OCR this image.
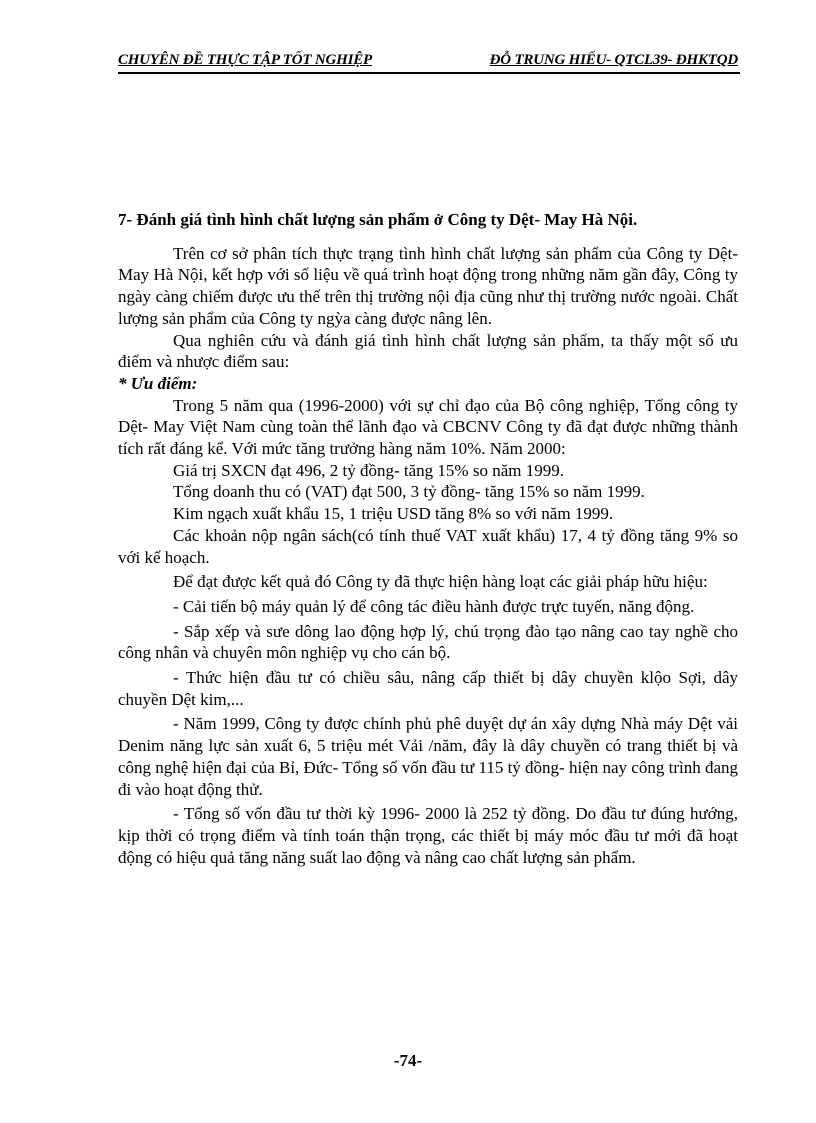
CHUYÊN ĐỀ THỰC TẬP TỐT NGHIỆP	ĐỖ TRUNG HIẾU- QTCL39- ĐHKTQD

7- Đánh giá tình hình chất lượng sản phẩm ở Công ty Dệt- May Hà Nội.

Trên cơ sở phân tích thực trạng tình hình chất lượng sản phẩm của Công ty Dệt- May Hà Nội, kết hợp với số liệu về quá trình hoạt động trong những năm gần đây, Công ty ngày càng chiếm được ưu thế trên thị trường nội địa cũng như thị trường nước ngoài. Chất lượng sản phẩm của Công ty ngỳa càng được nâng lên.

Qua nghiên cứu và đánh giá tình hình chất lượng sản phẩm, ta thấy một số ưu điểm và nhược điểm sau:

* Ưu điểm:

Trong 5 năm qua (1996-2000) với sự chỉ đạo của Bộ công nghiệp, Tổng công ty Dệt- May Việt Nam cùng toàn thể lãnh đạo và CBCNV Công ty đã đạt được những thành tích rất đáng kể. Với mức tăng trưởng hàng năm 10%. Năm 2000:

Giá trị SXCN đạt 496, 2 tỷ đồng- tăng 15% so năm 1999.

Tổng doanh thu có (VAT) đạt 500, 3 tỷ đồng- tăng 15% so năm 1999.

Kim ngạch xuất khẩu 15, 1 triệu USD tăng 8% so với năm 1999.

Các khoản nộp ngân sách(có tính thuế VAT xuất khẩu) 17, 4 tỷ đồng tăng 9% so với kế hoạch.

Để đạt được kết quả đó Công ty đã thực hiện hàng loạt các giải pháp hữu hiệu:

- Cải tiến bộ máy quản lý để công tác điều hành được trực tuyến, năng động.

- Sắp xếp và sưe dông lao động hợp lý, chú trọng đào tạo nâng cao tay nghề cho công nhân và chuyên môn nghiệp vụ cho cán bộ.

- Thức hiện đầu tư có chiều sâu, nâng cấp thiết bị dây chuyền klộo Sợi, dây chuyền Dệt kim,...

- Năm 1999, Công ty được chính phủ phê duyệt dự án xây dựng Nhà máy Dệt vải Denim năng lực sản xuất 6, 5 triệu mét Vải /năm, đây là dây chuyền có trang thiết bị và công nghệ hiện đại của Bỉ, Đức- Tổng số vốn đầu tư 115 tỷ đồng- hiện nay công trình đang đi vào hoạt động thử.

- Tổng số vốn đầu tư thời kỳ 1996- 2000 là 252 tỷ đồng. Do đầu tư đúng hướng, kịp thời có trọng điểm và tính toán thận trọng, các thiết bị máy móc đầu tư mới đã hoạt động có hiệu quả tăng năng suất lao động và nâng cao chất lượng sản phẩm.

-74-
